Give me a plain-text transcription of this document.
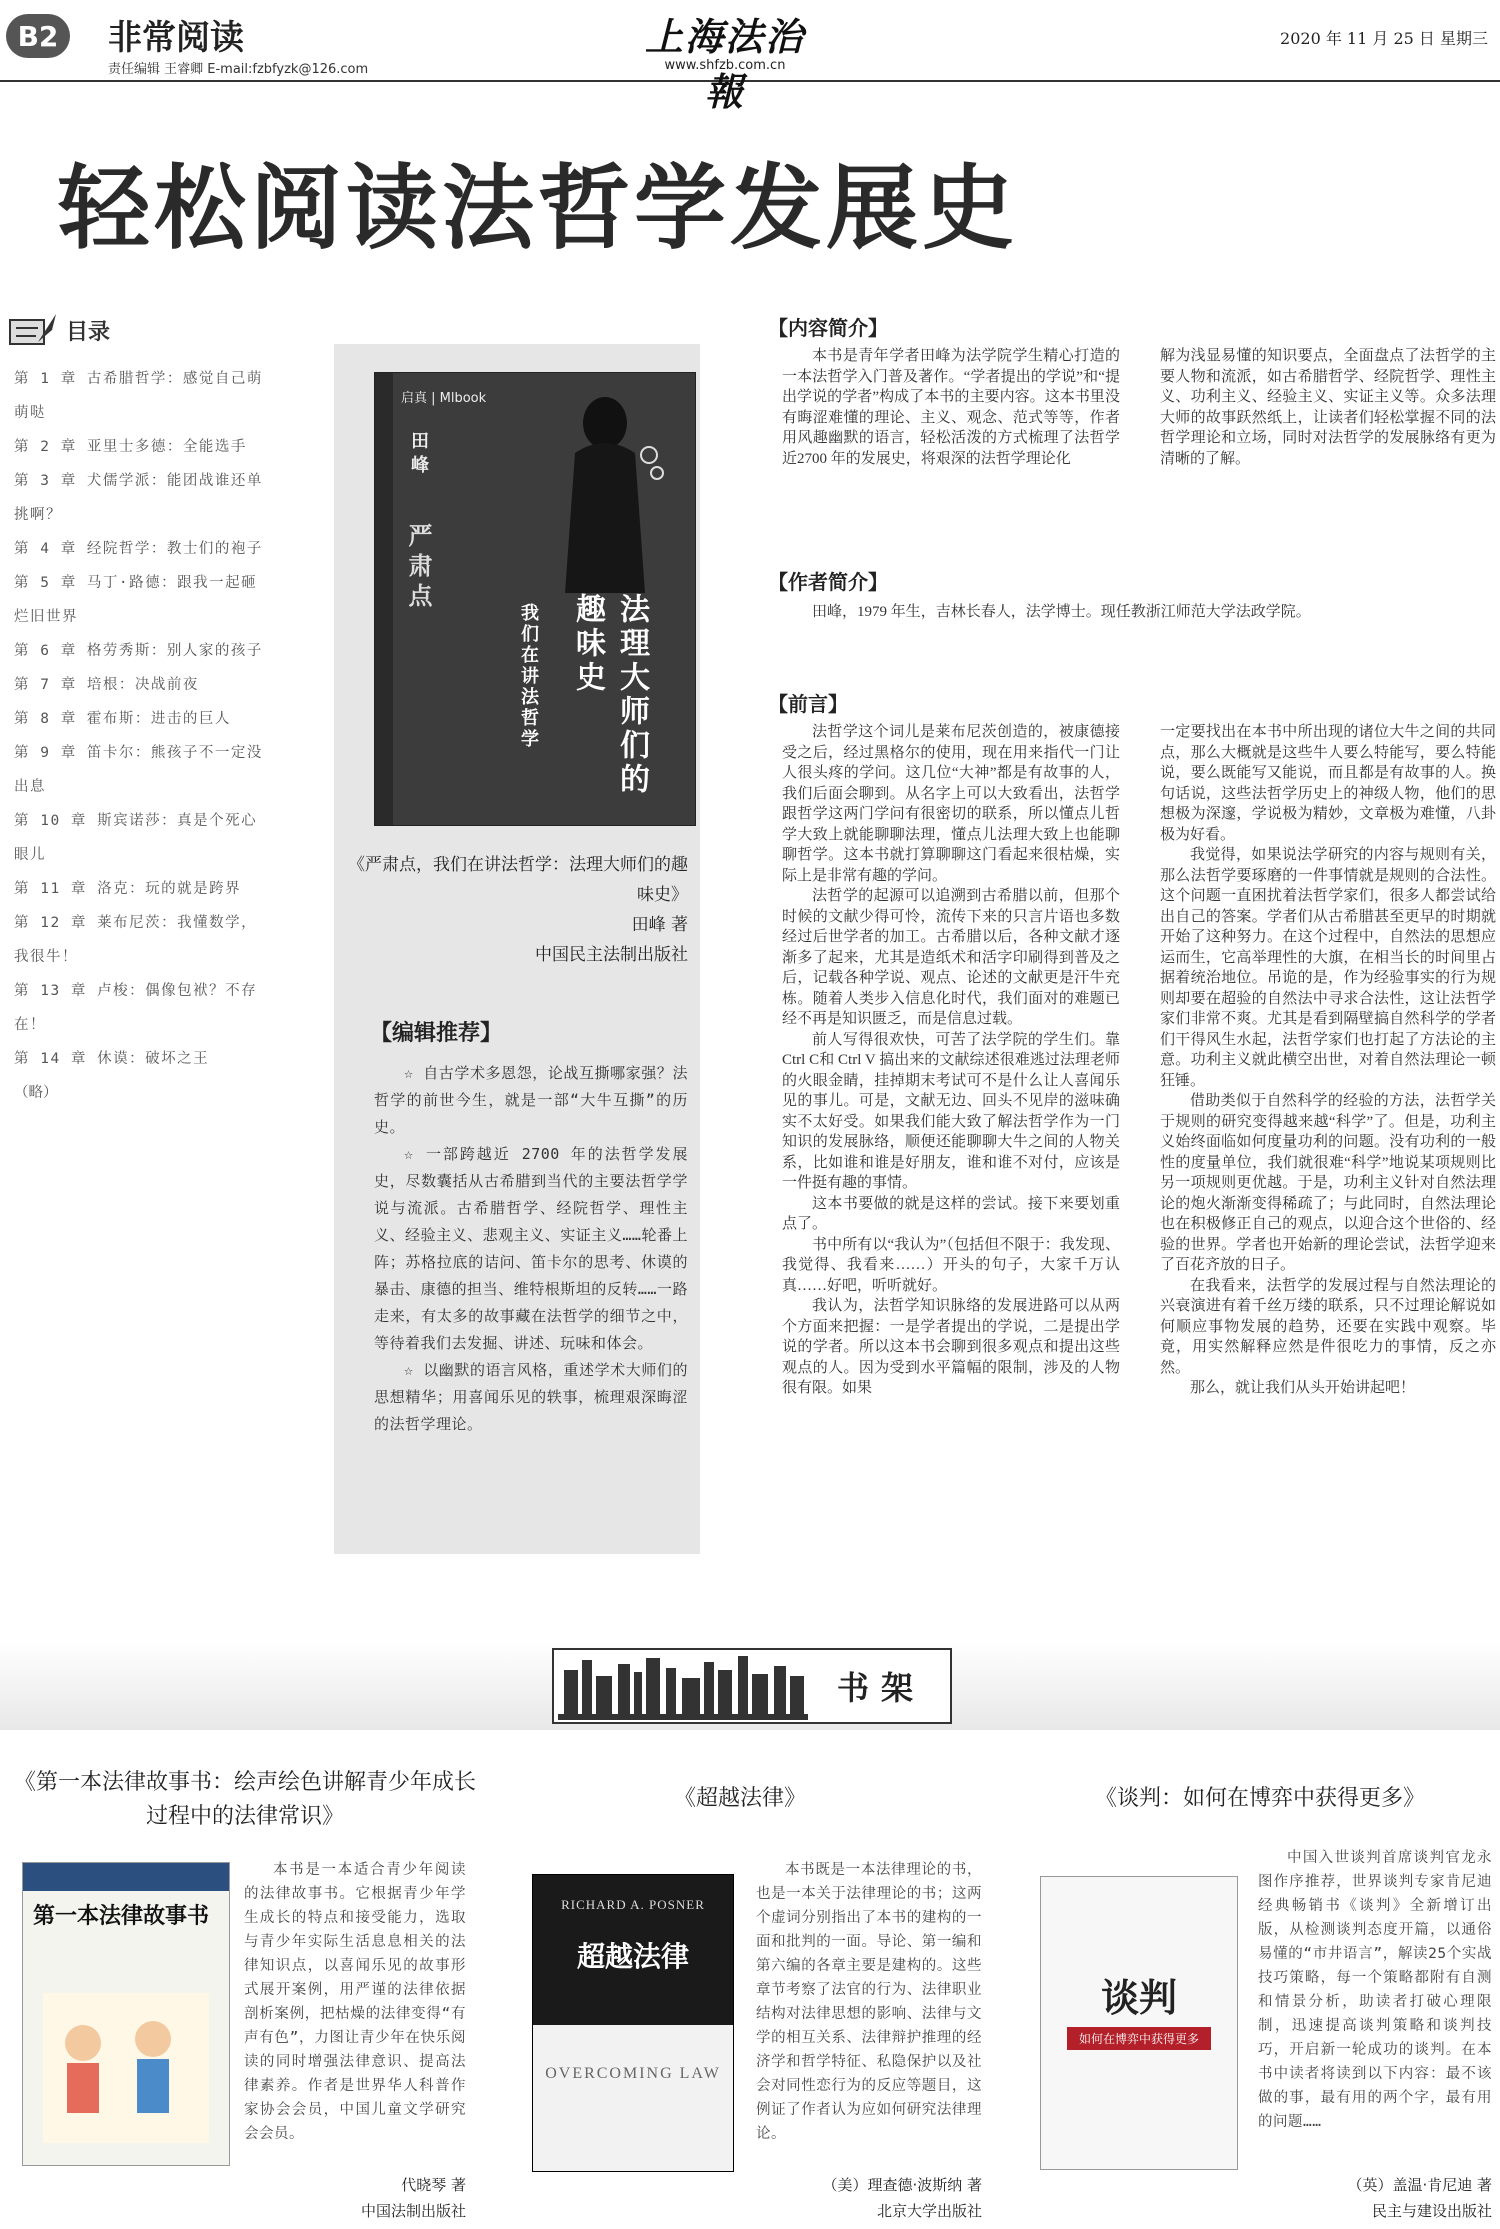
B2	非常阅读
责任编辑 王睿卿 E-mail:fzbfyzk@126.com
上海法治報
www.shfzb.com.cn
2020 年 11 月 25 日 星期三
轻松阅读法哲学发展史
目录
第 1 章 古希腊哲学：感觉自己萌萌哒
第 2 章 亚里士多德：全能选手
第 3 章 犬儒学派：能团战谁还单挑啊？
第 4 章 经院哲学：教士们的袍子
第 5 章 马丁·路德：跟我一起砸烂旧世界
第 6 章 格劳秀斯：别人家的孩子
第 7 章 培根：决战前夜
第 8 章 霍布斯：进击的巨人
第 9 章 笛卡尔：熊孩子不一定没出息
第 10 章 斯宾诺莎：真是个死心眼儿
第 11 章 洛克：玩的就是跨界
第 12 章 莱布尼茨：我懂数学，我很牛！
第 13 章 卢梭：偶像包袱？不存在！
第 14 章 休谟：破坏之王
（略）
启真 | Mlbook
田峰
严肃点
我们在讲法哲学	法理大师们的趣味史
《严肃点，我们在讲法哲学：法理大师们的趣味史》
田峰 著
中国民主法制出版社
【编辑推荐】

☆ 自古学术多恩怨，论战互撕哪家强？法哲学的前世今生，就是一部“大牛互撕”的历史。

☆ 一部跨越近 2700 年的法哲学发展史，尽数囊括从古希腊到当代的主要法哲学学说与流派。古希腊哲学、经院哲学、理性主义、经验主义、悲观主义、实证主义……轮番上阵；苏格拉底的诘问、笛卡尔的思考、休谟的暴击、康德的担当、维特根斯坦的反转……一路走来，有太多的故事藏在法哲学的细节之中，等待着我们去发掘、讲述、玩味和体会。

☆ 以幽默的语言风格，重述学术大师们的思想精华；用喜闻乐见的轶事，梳理艰深晦涩的法哲学理论。

【内容简介】

本书是青年学者田峰为法学院学生精心打造的一本法哲学入门普及著作。“学者提出的学说”和“提出学说的学者”构成了本书的主要内容。这本书里没有晦涩难懂的理论、主义、观念、范式等等，作者用风趣幽默的语言，轻松活泼的方式梳理了法哲学近2700 年的发展史，将艰深的法哲学理论化

解为浅显易懂的知识要点，全面盘点了法哲学的主要人物和流派，如古希腊哲学、经院哲学、理性主义、功利主义、经验主义、实证主义等。众多法理大师的故事跃然纸上，让读者们轻松掌握不同的法哲学理论和立场，同时对法哲学的发展脉络有更为清晰的了解。

【作者简介】

田峰，1979 年生，吉林长春人，法学博士。现任教浙江师范大学法政学院。

【前言】

法哲学这个词儿是莱布尼茨创造的，被康德接受之后，经过黑格尔的使用，现在用来指代一门让人很头疼的学问。这几位“大神”都是有故事的人，我们后面会聊到。从名字上可以大致看出，法哲学跟哲学这两门学问有很密切的联系，所以懂点儿哲学大致上就能聊聊法理，懂点儿法理大致上也能聊聊哲学。这本书就打算聊聊这门看起来很枯燥，实际上是非常有趣的学问。

法哲学的起源可以追溯到古希腊以前，但那个时候的文献少得可怜，流传下来的只言片语也多数经过后世学者的加工。古希腊以后，各种文献才逐渐多了起来，尤其是造纸术和活字印刷得到普及之后，记载各种学说、观点、论述的文献更是汗牛充栋。随着人类步入信息化时代，我们面对的难题已经不再是知识匮乏，而是信息过载。

前人写得很欢快，可苦了法学院的学生们。靠 Ctrl C和 Ctrl V 搞出来的文献综述很难逃过法理老师的火眼金睛，挂掉期末考试可不是什么让人喜闻乐见的事儿。可是，文献无边、回头不见岸的滋味确实不太好受。如果我们能大致了解法哲学作为一门知识的发展脉络，顺便还能聊聊大牛之间的人物关系，比如谁和谁是好朋友，谁和谁不对付，应该是一件挺有趣的事情。

这本书要做的就是这样的尝试。接下来要划重点了。

书中所有以“我认为”（包括但不限于：我发现、我觉得、我看来……）开头的句子，大家千万认真……好吧，听听就好。

我认为，法哲学知识脉络的发展进路可以从两个方面来把握：一是学者提出的学说，二是提出学说的学者。所以这本书会聊到很多观点和提出这些观点的人。因为受到水平篇幅的限制，涉及的人物很有限。如果

一定要找出在本书中所出现的诸位大牛之间的共同点，那么大概就是这些牛人要么特能写，要么特能说，要么既能写又能说，而且都是有故事的人。换句话说，这些法哲学历史上的神级人物，他们的思想极为深邃，学说极为精妙，文章极为难懂，八卦极为好看。

我觉得，如果说法学研究的内容与规则有关，那么法哲学要琢磨的一件事情就是规则的合法性。这个问题一直困扰着法哲学家们，很多人都尝试给出自己的答案。学者们从古希腊甚至更早的时期就开始了这种努力。在这个过程中，自然法的思想应运而生，它高举理性的大旗，在相当长的时间里占据着统治地位。吊诡的是，作为经验事实的行为规则却要在超验的自然法中寻求合法性，这让法哲学家们非常不爽。尤其是看到隔壁搞自然科学的学者们干得风生水起，法哲学家们也打起了方法论的主意。功利主义就此横空出世，对着自然法理论一顿狂锤。

借助类似于自然科学的经验的方法，法哲学关于规则的研究变得越来越“科学”了。但是，功利主义始终面临如何度量功利的问题。没有功利的一般性的度量单位，我们就很难“科学”地说某项规则比另一项规则更优越。于是，功利主义针对自然法理论的炮火渐渐变得稀疏了；与此同时，自然法理论也在积极修正自己的观点，以迎合这个世俗的、经验的世界。学者也开始新的理论尝试，法哲学迎来了百花齐放的日子。

在我看来，法哲学的发展过程与自然法理论的兴衰演进有着千丝万缕的联系，只不过理论解说如何顺应事物发展的趋势，还要在实践中观察。毕竟，用实然解释应然是件很吃力的事情，反之亦然。

那么，就让我们从头开始讲起吧！

书架
《第一本法律故事书：绘声绘色讲解青少年成长过程中的法律常识》
第一本法律故事书

本书是一本适合青少年阅读的法律故事书。它根据青少年学生成长的特点和接受能力，选取与青少年实际生活息息相关的法律知识点，以喜闻乐见的故事形式展开案例，用严谨的法律依据剖析案例，把枯燥的法律变得“有声有色”，力图让青少年在快乐阅读的同时增强法律意识、提高法律素养。作者是世界华人科普作家协会会员，中国儿童文学研究会会员。

代晓琴 著
中国法制出版社
《超越法律》
RICHARD A. POSNER
超越法律
OVERCOMING LAW

本书既是一本法律理论的书，也是一本关于法律理论的书；这两个虚词分别指出了本书的建构的一面和批判的一面。导论、第一编和第六编的各章主要是建构的。这些章节考察了法官的行为、法律职业结构对法律思想的影响、法律与文学的相互关系、法律辩护推理的经济学和哲学特征、私隐保护以及社会对同性恋行为的反应等题目，这例证了作者认为应如何研究法律理论。

（美）理查德·波斯纳 著
北京大学出版社
《谈判：如何在博弈中获得更多》
谈判
如何在博弈中获得更多

中国入世谈判首席谈判官龙永图作序推荐，世界谈判专家肯尼迪经典畅销书《谈判》全新增订出版，从检测谈判态度开篇，以通俗易懂的“市井语言”，解读25个实战技巧策略，每一个策略都附有自测和情景分析，助读者打破心理限制，迅速提高谈判策略和谈判技巧，开启新一轮成功的谈判。在本书中读者将读到以下内容：最不该做的事，最有用的两个字，最有用的问题……

（英）盖温·肯尼迪 著
民主与建设出版社
